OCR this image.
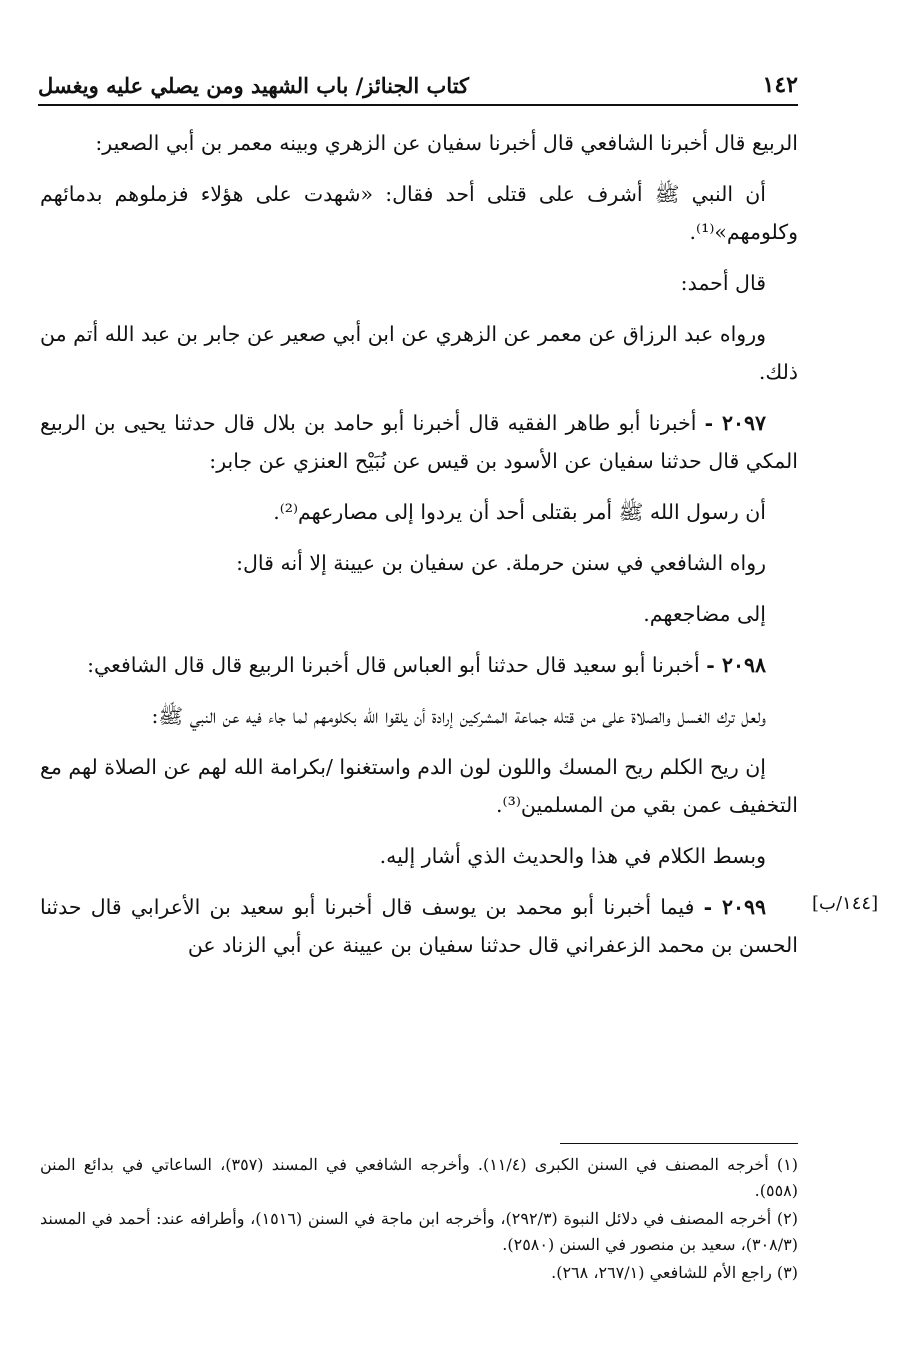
١٤٢
كتاب الجنائز/ باب الشهيد ومن يصلي عليه ويغسل

الربيع قال أخبرنا الشافعي قال أخبرنا سفيان عن الزهري وبينه معمر بن أبي الصعير:

أن النبي ﷺ أشرف على قتلى أحد فقال: «شهدت على هؤلاء فزملوهم بدمائهم وكلومهم»⁽¹⁾.

قال أحمد:

ورواه عبد الرزاق عن معمر عن الزهري عن ابن أبي صعير عن جابر بن عبد الله أتم من ذلك.

٢٠٩٧ - أخبرنا أبو طاهر الفقيه قال أخبرنا أبو حامد بن بلال قال حدثنا يحيى بن الربيع المكي قال حدثنا سفيان عن الأسود بن قيس عن نُبَيْح العنزي عن جابر:

أن رسول الله ﷺ أمر بقتلى أحد أن يردوا إلى مصارعهم⁽²⁾.

رواه الشافعي في سنن حرملة. عن سفيان بن عيينة إلا أنه قال:

إلى مضاجعهم.

٢٠٩٨ - أخبرنا أبو سعيد قال حدثنا أبو العباس قال أخبرنا الربيع قال قال الشافعي:

ولعل ترك الغسل والصلاة على من قتله جماعة المشركين إرادة أن يلقوا الله بكلومهم لما جاء فيه عن النبي ﷺ:

إن ريح الكلم ريح المسك واللون لون الدم واستغنوا /بكرامة الله لهم عن الصلاة لهم مع التخفيف عمن بقي من المسلمين⁽³⁾.

وبسط الكلام في هذا والحديث الذي أشار إليه.

٢٠٩٩ - فيما أخبرنا أبو محمد بن يوسف قال أخبرنا أبو سعيد بن الأعرابي قال حدثنا الحسن بن محمد الزعفراني قال حدثنا سفيان بن عيينة عن أبي الزناد عن

[١٤٤/ب]

(١) أخرجه المصنف في السنن الكبرى (١١/٤). وأخرجه الشافعي في المسند (٣٥٧)، الساعاتي في بدائع المنن (٥٥٨).

(٢) أخرجه المصنف في دلائل النبوة (٢٩٢/٣)، وأخرجه ابن ماجة في السنن (١٥١٦)، وأطرافه عند: أحمد في المسند (٣٠٨/٣)، سعيد بن منصور في السنن (٢٥٨٠).

(٣) راجع الأم للشافعي (٢٦٧/١، ٢٦٨).
